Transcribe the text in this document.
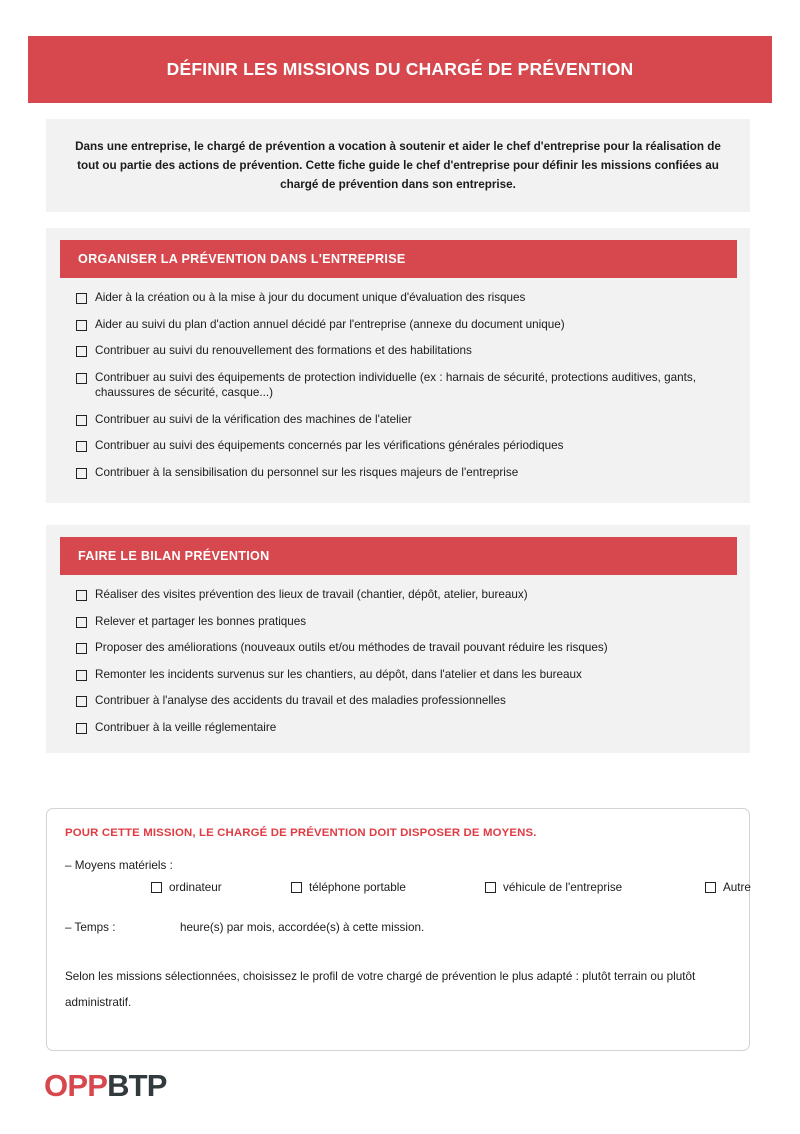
DÉFINIR LES MISSIONS DU CHARGÉ DE PRÉVENTION
Dans une entreprise, le chargé de prévention a vocation à soutenir et aider le chef d'entreprise pour la réalisation de tout ou partie des actions de prévention. Cette fiche guide le chef d'entreprise pour définir les missions confiées au chargé de prévention dans son entreprise.
ORGANISER LA PRÉVENTION DANS L'ENTREPRISE
Aider à la création ou à la mise à jour du document unique d'évaluation des risques
Aider au suivi du plan d'action annuel décidé par l'entreprise (annexe du document unique)
Contribuer au suivi du renouvellement des formations et des habilitations
Contribuer au suivi des équipements de protection individuelle (ex : harnais de sécurité, protections auditives, gants, chaussures de sécurité, casque...)
Contribuer au suivi de la vérification des machines de l'atelier
Contribuer au suivi des équipements concernés par les vérifications générales périodiques
Contribuer à la sensibilisation du personnel sur les risques majeurs de l'entreprise
FAIRE LE BILAN PRÉVENTION
Réaliser des visites prévention des lieux de travail (chantier, dépôt, atelier, bureaux)
Relever et partager les bonnes pratiques
Proposer des améliorations (nouveaux outils et/ou méthodes de travail pouvant réduire les risques)
Remonter les incidents survenus sur les chantiers, au dépôt, dans l'atelier et dans les bureaux
Contribuer à l'analyse des accidents du travail et des maladies professionnelles
Contribuer à la veille réglementaire
POUR CETTE MISSION, LE CHARGÉ DE PRÉVENTION DOIT DISPOSER DE MOYENS.
– Moyens matériels :
ordinateur	téléphone portable	véhicule de l'entreprise	Autre
– Temps :	heure(s) par mois, accordée(s) à cette mission.
Selon les missions sélectionnées, choisissez le profil de votre chargé de prévention le plus adapté : plutôt terrain ou plutôt administratif.
OPPBTP
